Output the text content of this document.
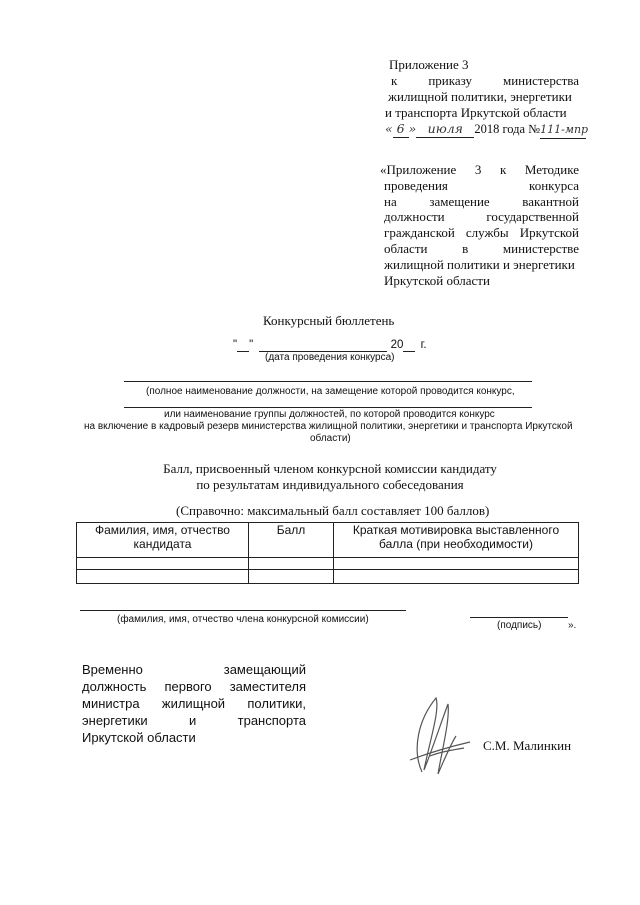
Приложение 3
к приказу министерства
жилищной политики, энергетики
и транспорта Иркутской области
« 6 » июля 2018 года №111-мпр
«Приложение 3 к Методике
проведения конкурса
на замещение вакантной
должности государственной
гражданской службы Иркутской
области в министерстве
жилищной политики и энергетики
Иркутской области
Конкурсный бюллетень
" "	20 г.
(дата проведения конкурса)
(полное наименование должности, на замещение которой проводится конкурс,
или наименование группы должностей, по которой проводится конкурс
на включение в кадровый резерв министерства жилищной политики, энергетики и транспорта Иркутской
области)
Балл, присвоенный членом конкурсной комиссии кандидату
по результатам индивидуального собеседования
(Справочно: максимальный балл составляет 100 баллов)
Фамилия, имя, отчество кандидата	Балл	Краткая мотивировка выставленного балла (при необходимости)

(фамилия, имя, отчество члена конкурсной комиссии)
(подпись)	».
Временно замещающий
должность первого заместителя
министра жилищной политики,
энергетики и транспорта
Иркутской области
С.М. Малинкин
